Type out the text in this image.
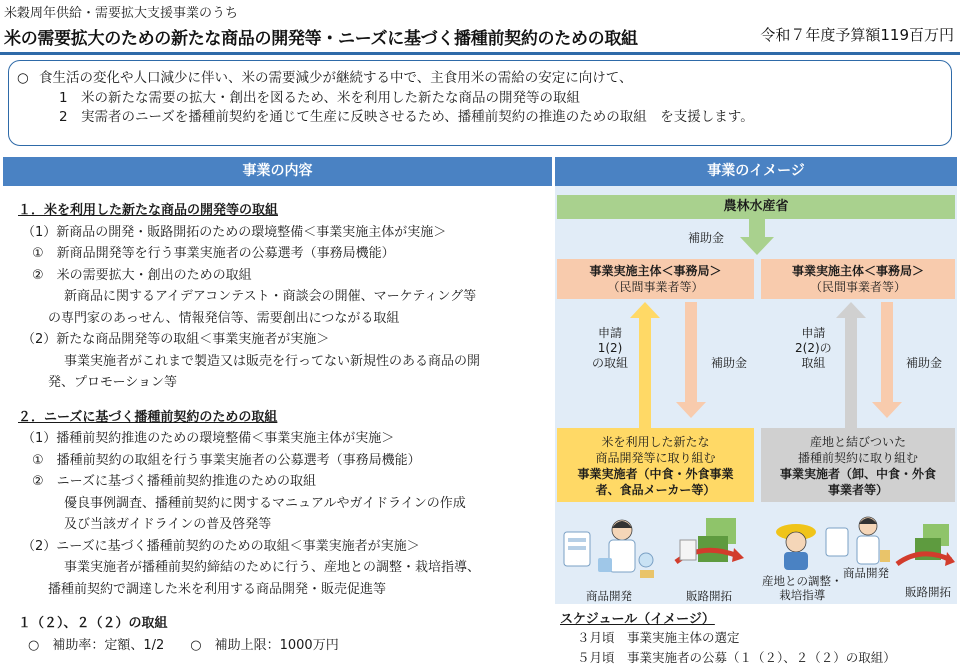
米穀周年供給・需要拡大支援事業のうち
米の需要拡大のための新たな商品の開発等・ニーズに基づく播種前契約のための取組	令和７年度予算額119百万円
○ 食生活の変化や人口減少に伴い、米の需要減少が継続する中で、主食用米の需給の安定に向けて、
1 米の新たな需要の拡大・創出を図るため、米を利用した新たな商品の開発等の取組
2 実需者のニーズを播種前契約を通じて生産に反映させるため、播種前契約の推進のための取組　を支援します。
事業の内容	事業のイメージ
１．米を利用した新たな商品の開発等の取組
（1）新商品の開発・販路開拓のための環境整備＜事業実施主体が実施＞
①　新商品開発等を行う事業実施者の公募選考（事務局機能）
②　米の需要拡大・創出のための取組
新商品に関するアイデアコンテスト・商談会の開催、マーケティング等
の専門家のあっせん、情報発信等、需要創出につながる取組
（2）新たな商品開発等の取組＜事業実施者が実施＞
事業実施者がこれまで製造又は販売を行ってない新規性のある商品の開
発、プロモーション等
２．ニーズに基づく播種前契約のための取組
（1）播種前契約推進のための環境整備＜事業実施主体が実施＞
①　播種前契約の取組を行う事業実施者の公募選考（事務局機能）
②　ニーズに基づく播種前契約推進のための取組
優良事例調査、播種前契約に関するマニュアルやガイドラインの作成
及び当該ガイドラインの普及啓発等
（2）ニーズに基づく播種前契約のための取組＜事業実施者が実施＞
事業実施者が播種前契約締結のために行う、産地との調整・栽培指導、
播種前契約で調達した米を利用する商品開発・販売促進等
１（２）、２（２）の取組
○　補助率：定額、1/2　　○　補助上限：1000万円
農林水産省
補助金
事業実施主体＜事務局＞
（民間事業者等）
事業実施主体＜事務局＞
（民間事業者等）
申請
1(2)
の取組	補助金
申請
2(2)の
取組	補助金
米を利用した新たな
商品開発等に取り組む
事業実施者（中食・外食事業
者、食品メーカー等）
産地と結びついた
播種前契約に取り組む
事業実施者（卸、中食・外食
事業者等）
商品開発	販路開拓
産地との調整・
栽培指導
商品開発
販路開拓
スケジュール（イメージ）
３月頃　事業実施主体の選定
５月頃　事業実施者の公募（１（２）、２（２）の取組）
